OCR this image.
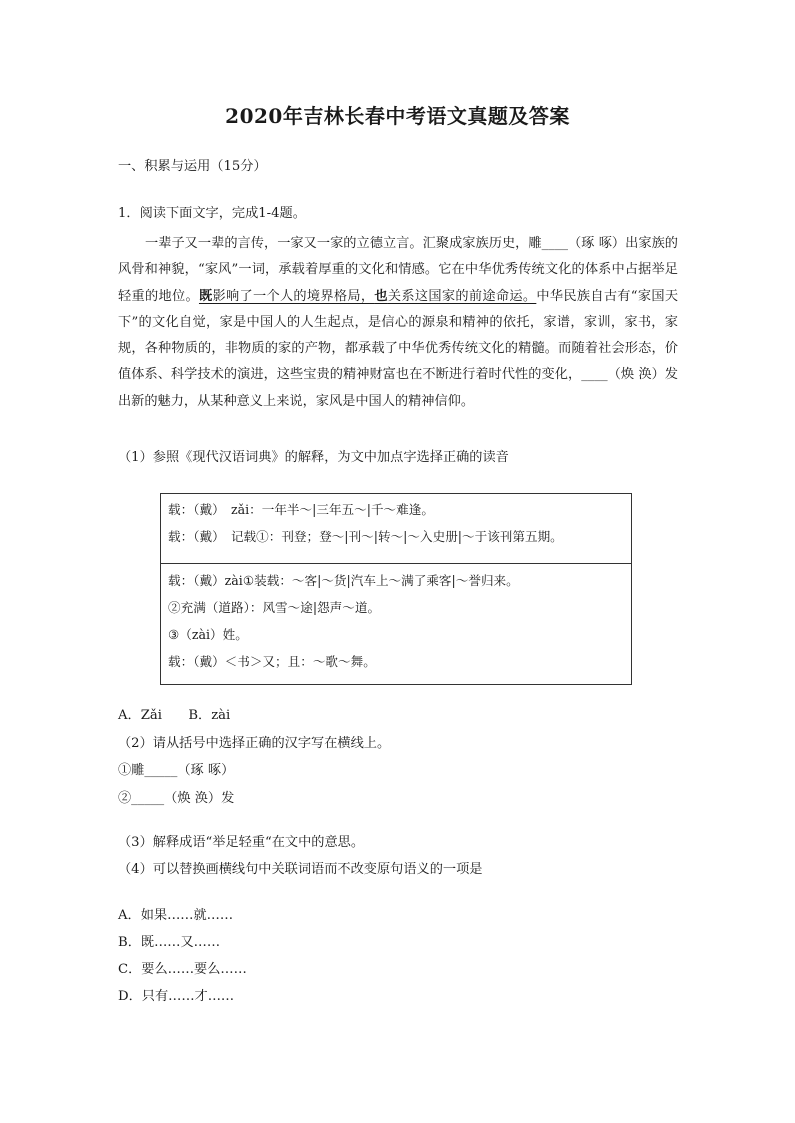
2020年吉林长春中考语文真题及答案
一、积累与运用（15分）
1．阅读下面文字，完成1-4题。
一辈子又一辈的言传，一家又一家的立德立言。汇聚成家族历史，雕____（琢 啄）出家族的风骨和神貌，“家风”一词，承载着厚重的文化和情感。它在中华优秀传统文化的体系中占据举足轻重的地位。既影响了一个人的境界格局，也关系这国家的前途命运。中华民族自古有“家国天下”的文化自觉，家是中国人的人生起点，是信心的源泉和精神的依托，家谱，家训，家书，家规，各种物质的，非物质的家的产物，都承载了中华优秀传统文化的精髓。而随着社会形态，价值体系、科学技术的演进，这些宝贵的精神财富也在不断进行着时代性的变化，____（焕 涣）发出新的魅力，从某种意义上来说，家风是中国人的精神信仰。
（1）参照《现代汉语词典》的解释，为文中加点字选择正确的读音
载：（戴）　zǎi：一年半～|三年五～|千～难逢。
载：（戴）　记载①：刊登；登～|刊～|转～|～入史册|～于该刊第五期。
载：（戴）zài①装载：～客|～货|汽车上～满了乘客|～誉归来。
②充满（道路）：风雪～途|怨声～道。
③（zài）姓。
载：（戴）＜书＞又；且：～歌～舞。
A．Zǎi　　B．zài
（2）请从括号中选择正确的汉字写在横线上。
①雕_____（琢 啄）
②_____（焕 涣）发
（3）解释成语“举足轻重“在文中的意思。
（4）可以替换画横线句中关联词语而不改变原句语义的一项是
A．如果……就……
B．既……又……
C．要么……要么……
D．只有……才……
